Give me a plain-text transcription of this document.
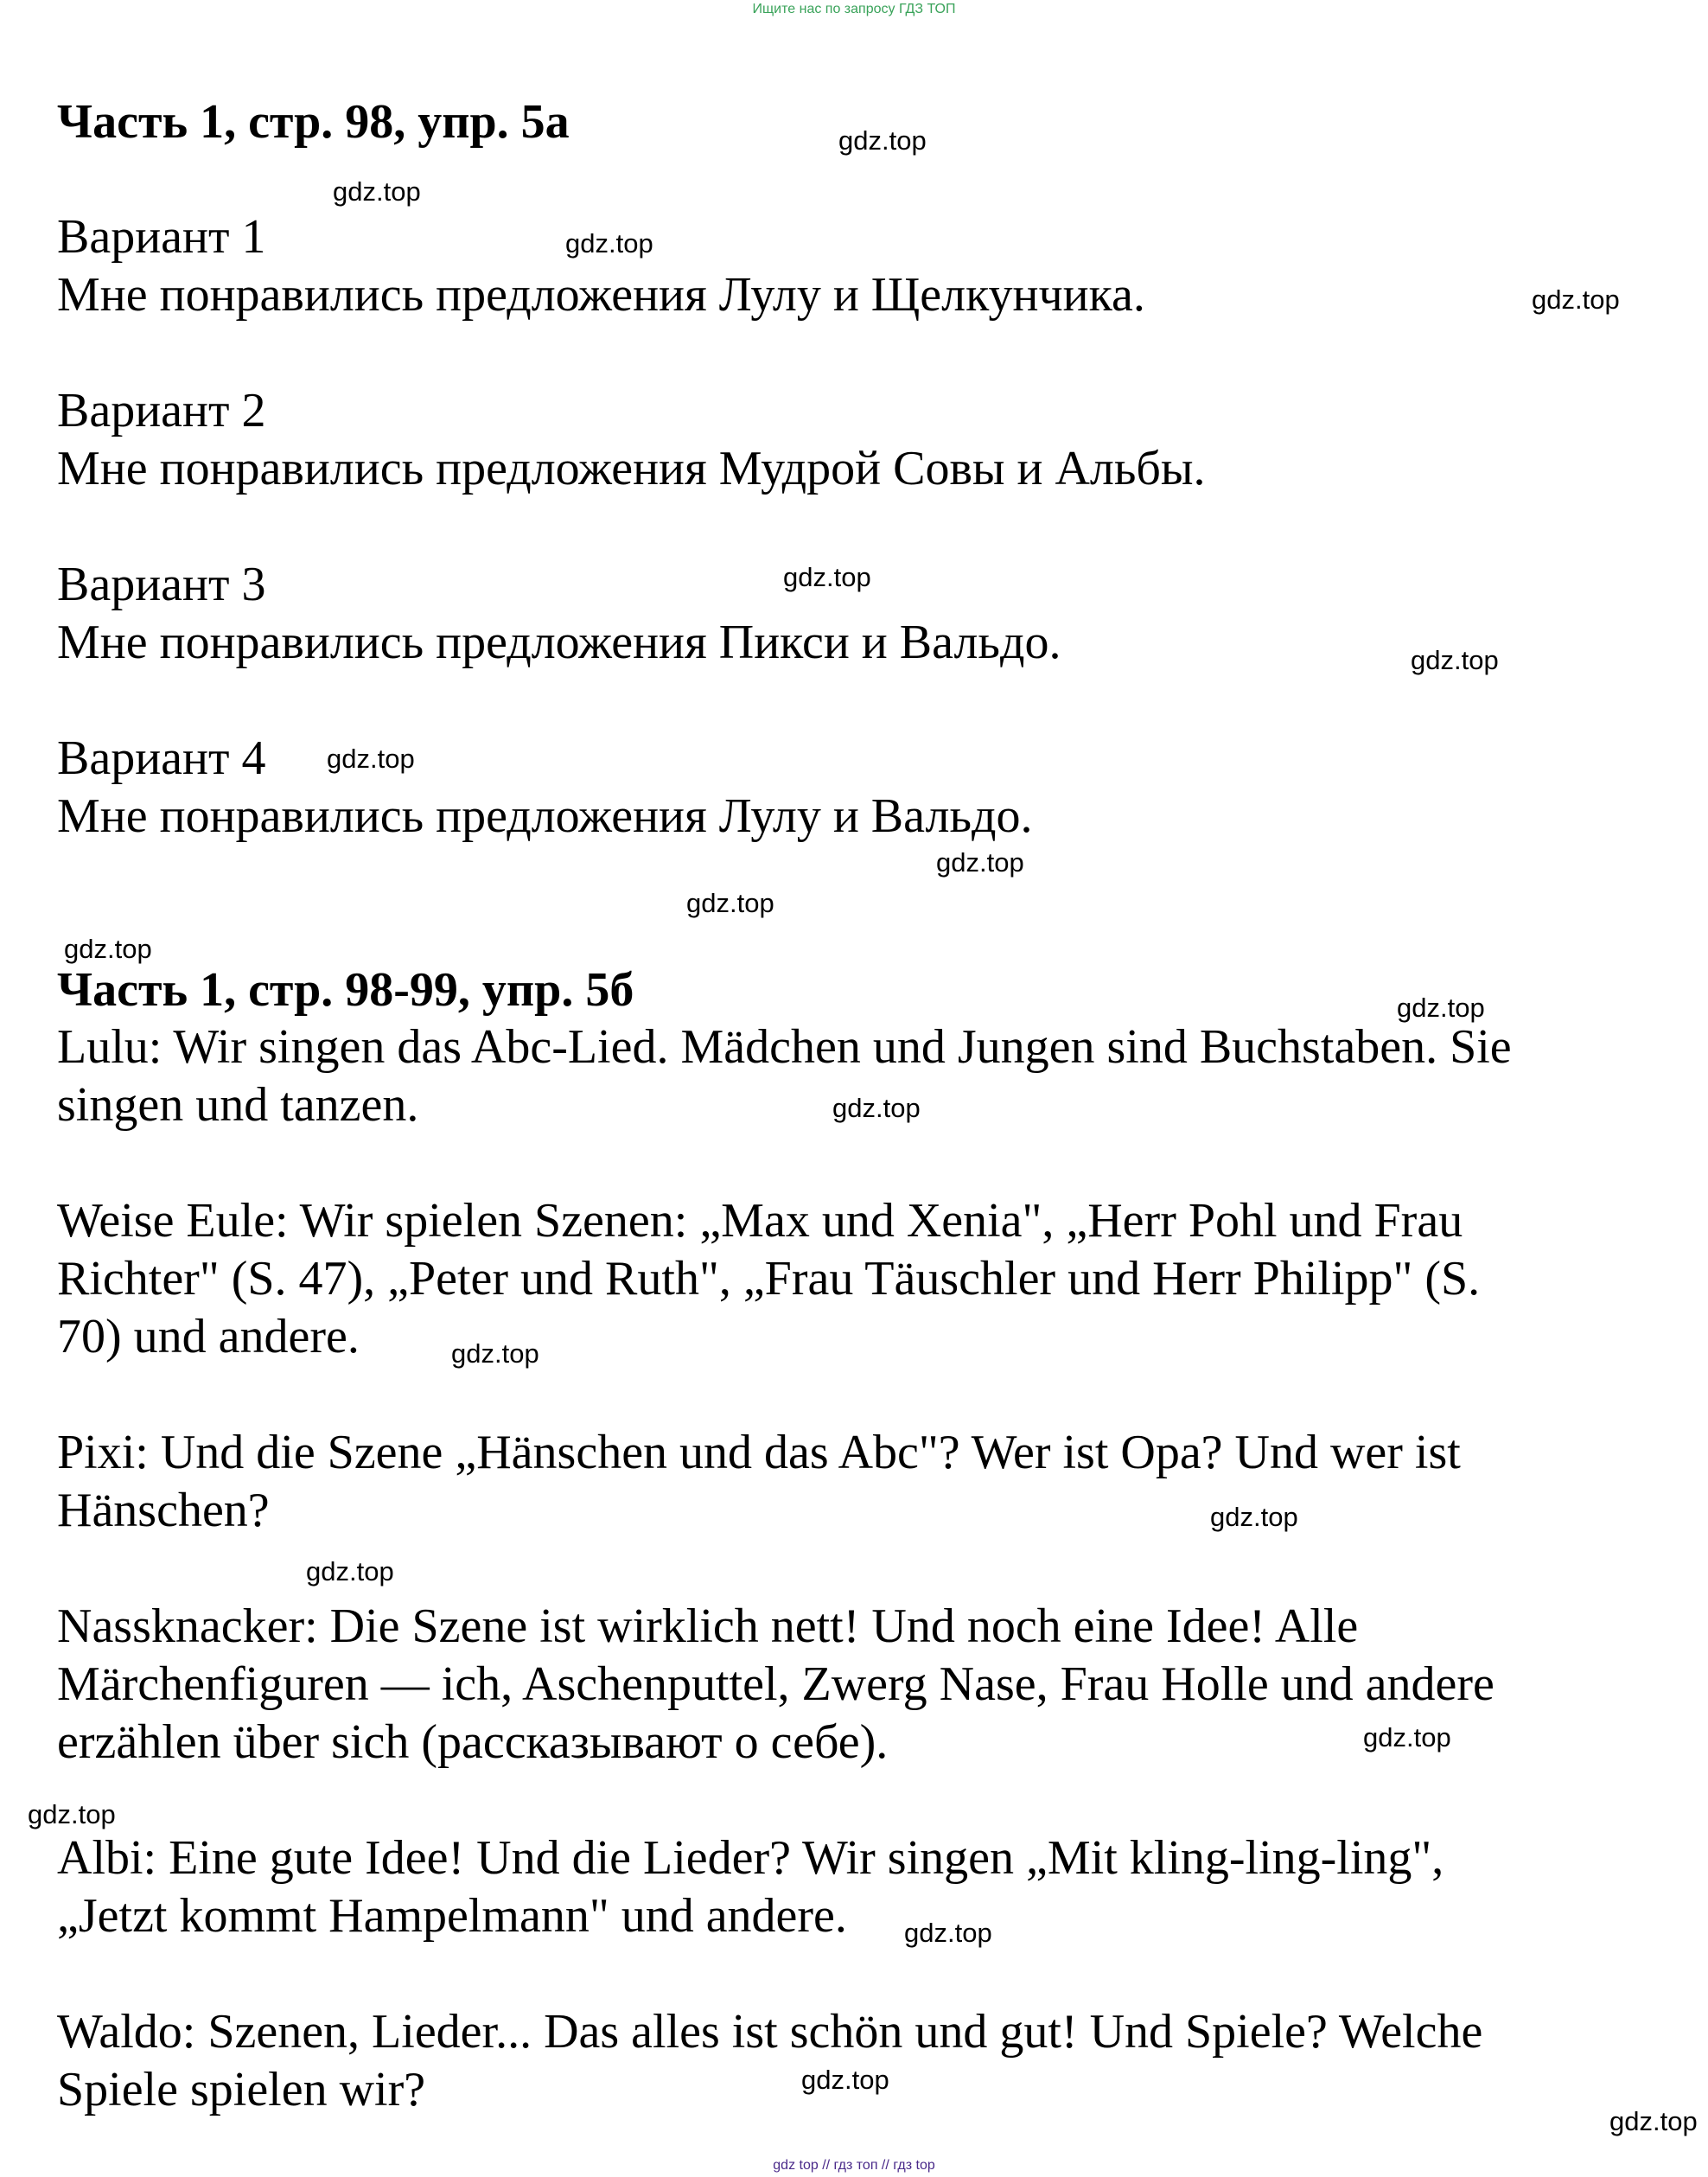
Ищите нас по запросу ГДЗ ТОП
Часть 1, стр. 98, упр. 5а
Вариант 1
Мне понравились предложения Лулу и Щелкунчика.
Вариант 2
Мне понравились предложения Мудрой Совы и Альбы.
Вариант 3
Мне понравились предложения Пикси и Вальдо.
Вариант 4
Мне понравились предложения Лулу и Вальдо.
Часть 1, стр. 98-99, упр. 5б
Lulu: Wir singen das Abc-Lied. Mädchen und Jungen sind Buchstaben. Sie
singen und tanzen.
Weise Eule: Wir spielen Szenen: „Max und Xenia", „Herr Pohl und Frau
Richter" (S. 47), „Peter und Ruth", „Frau Täuschler und Herr Philipp" (S.
70) und andere.
Pixi: Und die Szene „Hänschen und das Abc"? Wer ist Opa? Und wer ist
Hänschen?
Nassknacker: Die Szene ist wirklich nett! Und noch eine Idee! Alle
Märchenfiguren — ich, Aschenputtel, Zwerg Nase, Frau Holle und andere
erzählen über sich (рассказывают о себе).
Albi: Eine gute Idee! Und die Lieder? Wir singen „Mit kling-ling-ling",
„Jetzt kommt Hampelmann" und andere.
Waldo: Szenen, Lieder... Das alles ist schön und gut! Und Spiele? Welche
Spiele spielen wir?
gdz.top
gdz.top
gdz.top
gdz.top
gdz.top
gdz.top
gdz.top
gdz.top
gdz.top
gdz.top
gdz.top
gdz.top
gdz.top
gdz.top
gdz.top
gdz.top
gdz.top
gdz.top
gdz.top
gdz.top
gdz top // гдз топ // гдз top
